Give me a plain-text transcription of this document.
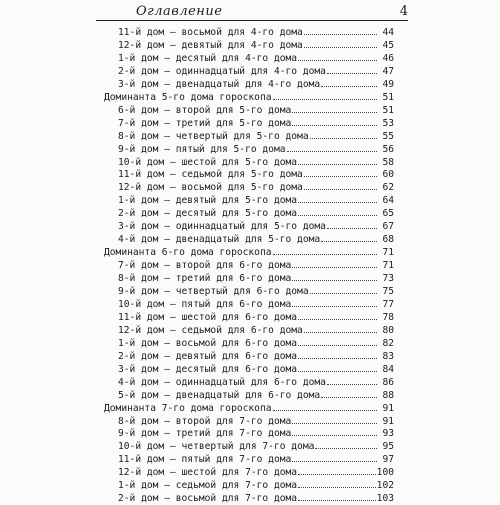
Оглавление	4
11-й дом — восьмой для 4-го дома	44
12-й дом — девятый для 4-го дома	45
1-й дом — десятый для 4-го дома	46
2-й дом — одиннадцатый для 4-го дома	47
3-й дом — двенадцатый для 4-го дома	49
Доминанта 5-го дома гороскопа	51
6-й дом — второй для 5-го дома	51
7-й дом — третий для 5-го дома	53
8-й дом — четвертый для 5-го дома	55
9-й дом — пятый для 5-го дома	56
10-й дом — шестой для 5-го дома	58
11-й дом — седьмой для 5-го дома	60
12-й дом — восьмой для 5-го дома	62
1-й дом — девятый для 5-го дома	64
2-й дом — десятый для 5-го дома	65
3-й дом — одиннадцатый для 5-го дома	67
4-й дом — двенадцатый для 5-го дома	68
Доминанта 6-го дома гороскопа	71
7-й дом — второй для 6-го дома	71
8-й дом — третий для 6-го дома	73
9-й дом — четвертый для 6-го дома	75
10-й дом — пятый для 6-го дома	77
11-й дом — шестой для 6-го дома	78
12-й дом — седьмой для 6-го дома	80
1-й дом — восьмой для 6-го дома	82
2-й дом — девятый для 6-го дома	83
3-й дом — десятый для 6-го дома	84
4-й дом — одиннадцатый для 6-го дома	86
5-й дом — двенадцатый для 6-го дома	88
Доминанта 7-го дома гороскопа	91
8-й дом — второй для 7-го дома	91
9-й дом — третий для 7-го дома	93
10-й дом — четвертый для 7-го дома	95
11-й дом — пятый для 7-го дома	97
12-й дом — шестой для 7-го дома	100
1-й дом — седьмой для 7-го дома	102
2-й дом — восьмой для 7-го дома	103
